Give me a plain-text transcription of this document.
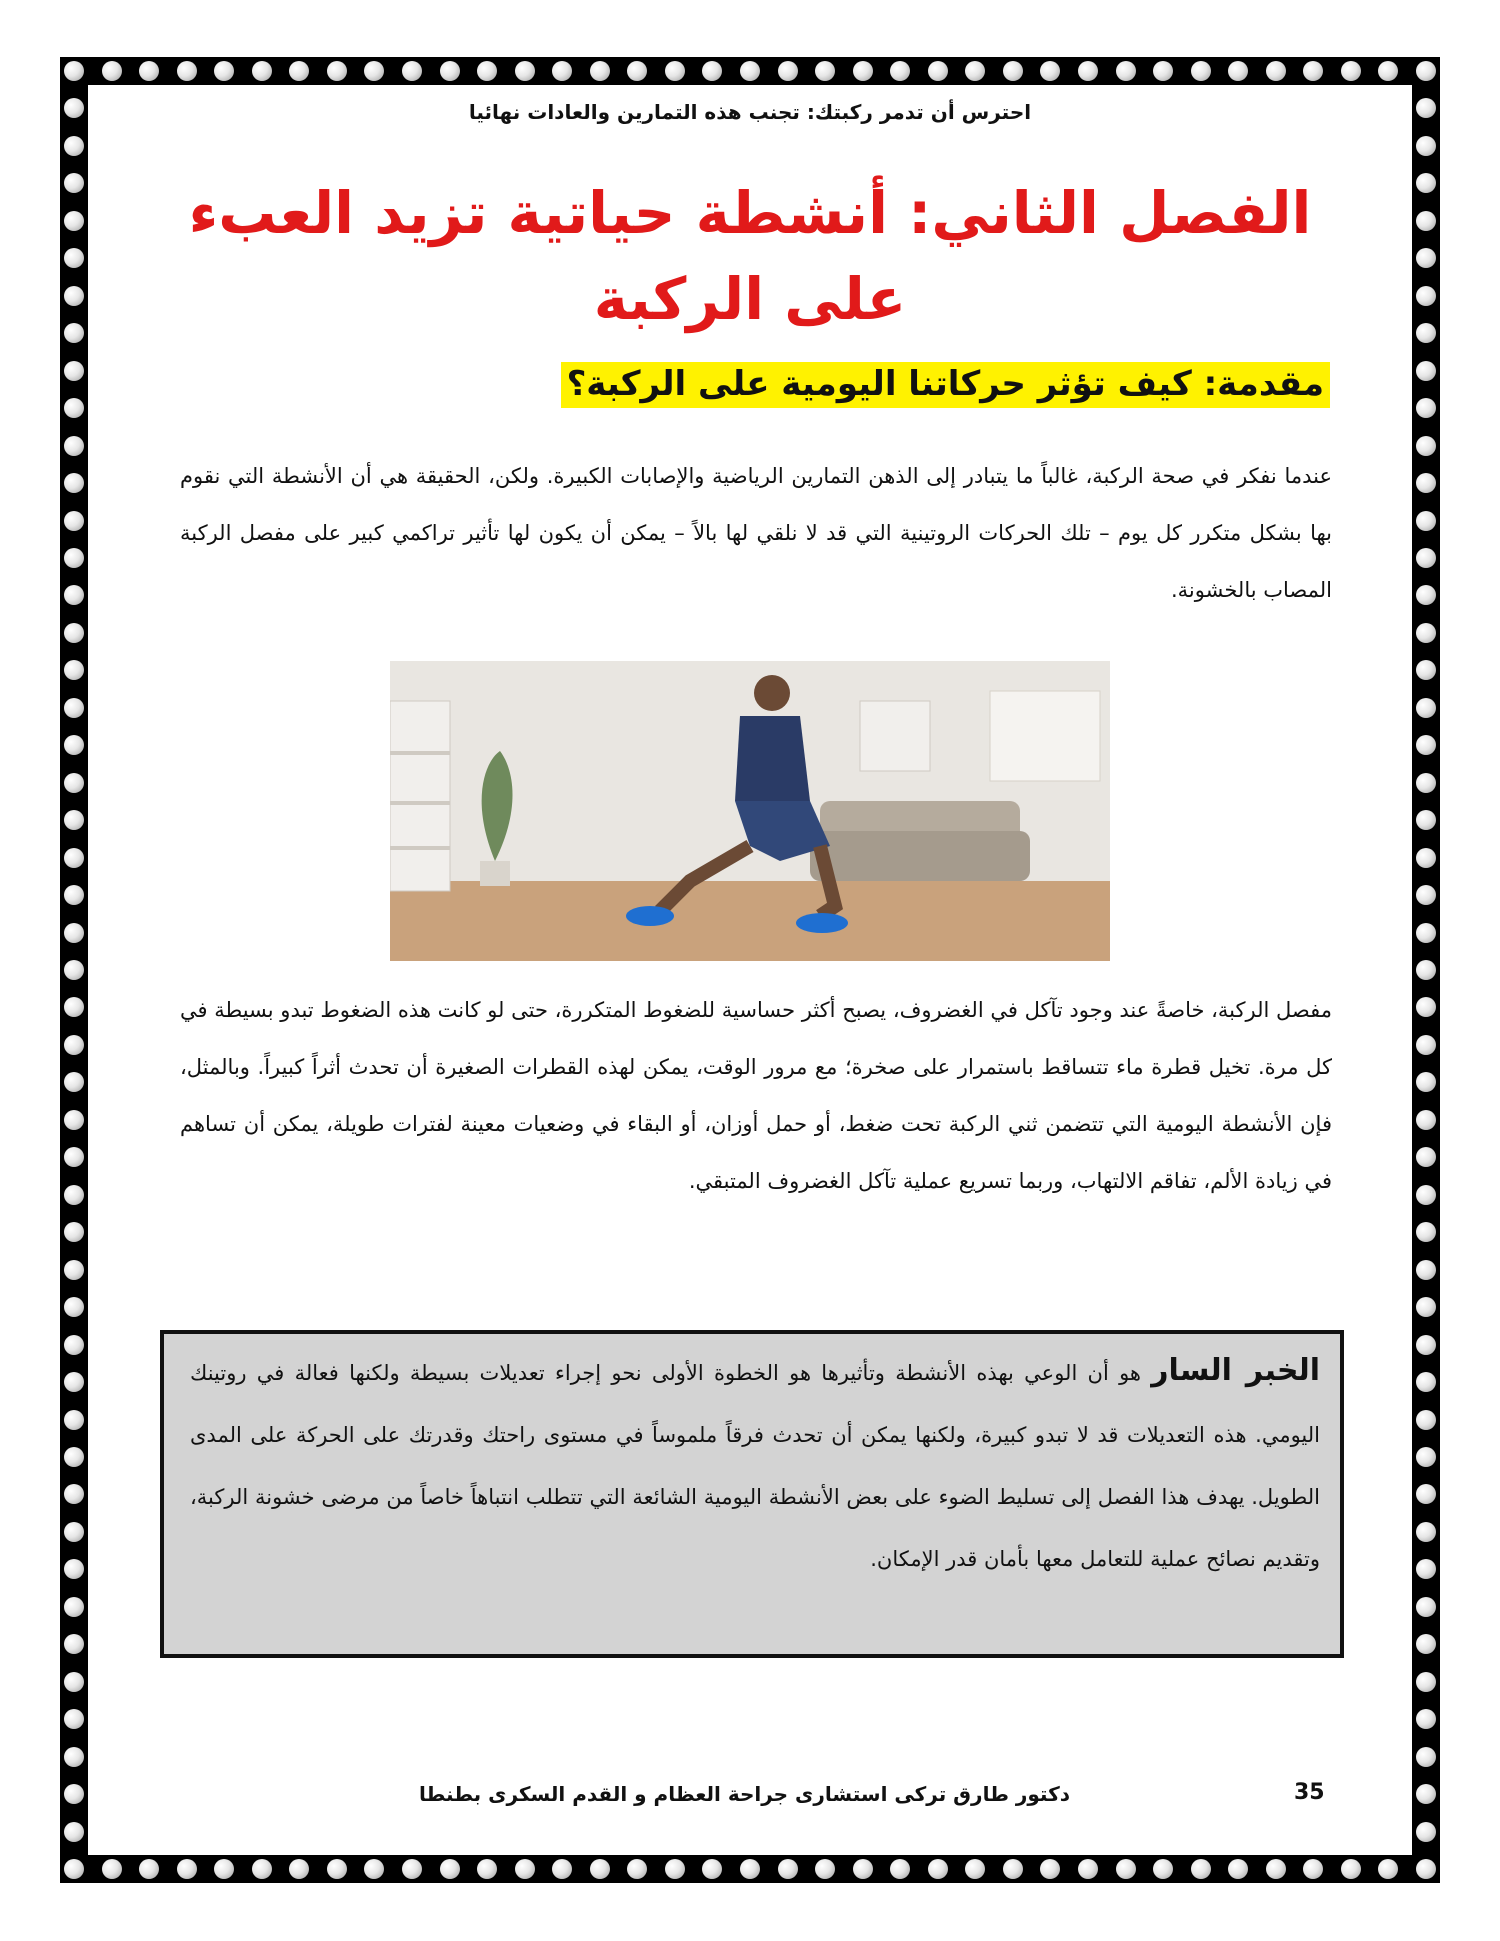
احترس أن تدمر ركبتك: تجنب هذه التمارين والعادات نهائيا
الفصل الثاني: أنشطة حياتية تزيد العبء على الركبة
مقدمة: كيف تؤثر حركاتنا اليومية على الركبة؟

عندما نفكر في صحة الركبة، غالباً ما يتبادر إلى الذهن التمارين الرياضية والإصابات الكبيرة. ولكن، الحقيقة هي أن الأنشطة التي نقوم بها بشكل متكرر كل يوم – تلك الحركات الروتينية التي قد لا نلقي لها بالاً – يمكن أن يكون لها تأثير تراكمي كبير على مفصل الركبة المصاب بالخشونة.

مفصل الركبة، خاصةً عند وجود تآكل في الغضروف، يصبح أكثر حساسية للضغوط المتكررة، حتى لو كانت هذه الضغوط تبدو بسيطة في كل مرة. تخيل قطرة ماء تتساقط باستمرار على صخرة؛ مع مرور الوقت، يمكن لهذه القطرات الصغيرة أن تحدث أثراً كبيراً. وبالمثل، فإن الأنشطة اليومية التي تتضمن ثني الركبة تحت ضغط، أو حمل أوزان، أو البقاء في وضعيات معينة لفترات طويلة، يمكن أن تساهم في زيادة الألم، تفاقم الالتهاب، وربما تسريع عملية تآكل الغضروف المتبقي.

الخبر السار هو أن الوعي بهذه الأنشطة وتأثيرها هو الخطوة الأولى نحو إجراء تعديلات بسيطة ولكنها فعالة في روتينك اليومي. هذه التعديلات قد لا تبدو كبيرة، ولكنها يمكن أن تحدث فرقاً ملموساً في مستوى راحتك وقدرتك على الحركة على المدى الطويل. يهدف هذا الفصل إلى تسليط الضوء على بعض الأنشطة اليومية الشائعة التي تتطلب انتباهاً خاصاً من مرضى خشونة الركبة، وتقديم نصائح عملية للتعامل معها بأمان قدر الإمكان.
دكتور طارق تركى استشارى جراحة العظام و القدم السكرى بطنطا	35
